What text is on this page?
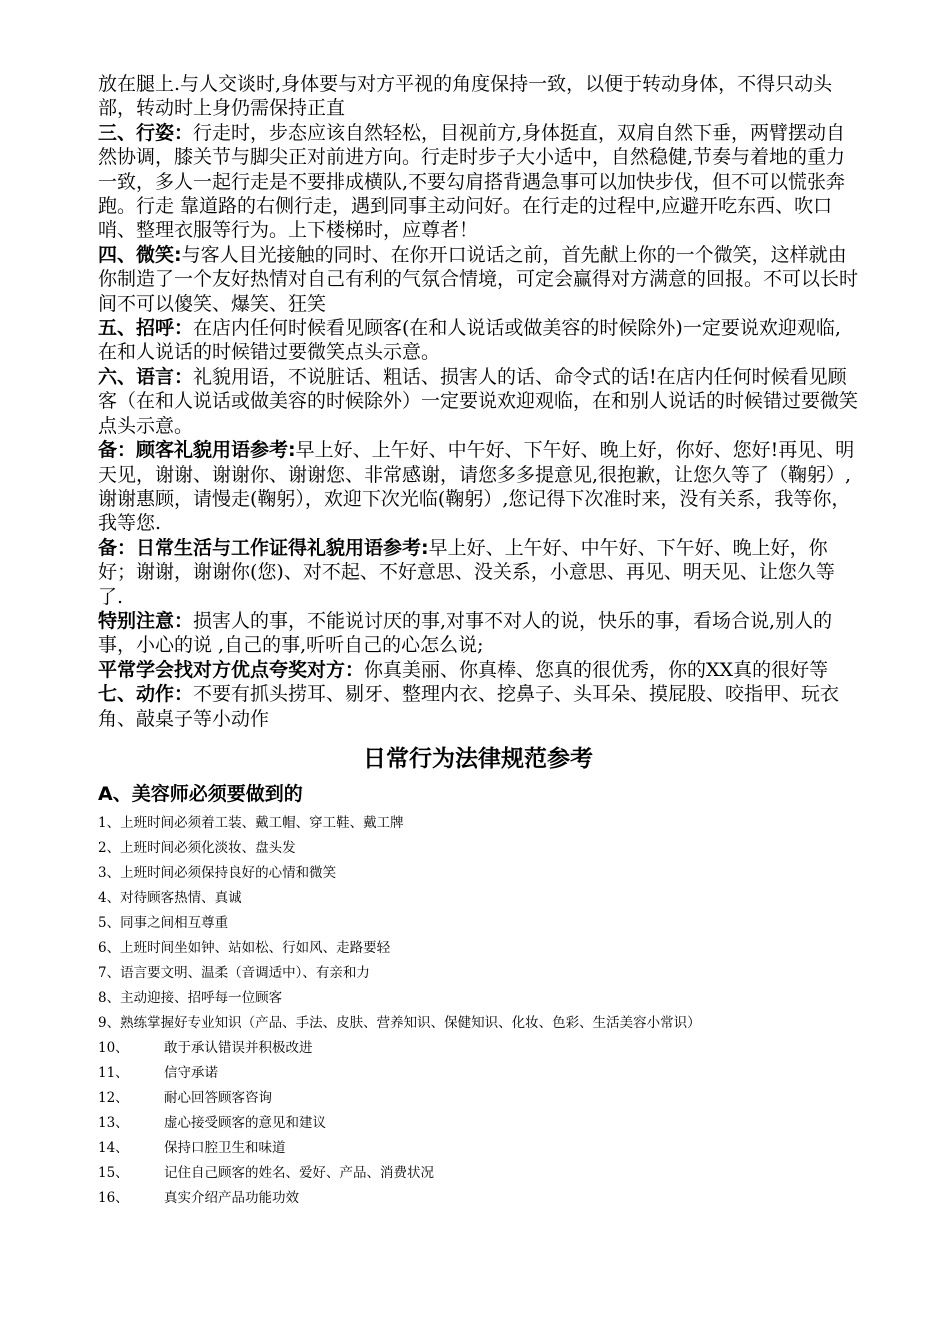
放在腿上.与人交谈时,身体要与对方平视的角度保持一致，以便于转动身体，不得只动头部，转动时上身仍需保持正直

三、行姿：行走时，步态应该自然轻松，目视前方,身体挺直，双肩自然下垂，两臂摆动自然协调，膝关节与脚尖正对前进方向。行走时步子大小适中，自然稳健,节奏与着地的重力一致，多人一起行走是不要排成横队,不要勾肩搭背遇急事可以加快步伐，但不可以慌张奔跑。行走 靠道路的右侧行走，遇到同事主动问好。在行走的过程中,应避开吃东西、吹口哨、整理衣服等行为。上下楼梯时，应尊者！

四、微笑:与客人目光接触的同时、在你开口说话之前，首先献上你的一个微笑，这样就由你制造了一个友好热情对自己有利的气氛合情境，可定会赢得对方满意的回报。不可以长时间不可以傻笑、爆笑、狂笑

五、招呼：在店内任何时候看见顾客(在和人说话或做美容的时候除外)一定要说欢迎观临,在和人说话的时候错过要微笑点头示意。

六、语言：礼貌用语，不说脏话、粗话、损害人的话、命令式的话!在店内任何时候看见顾客（在和人说话或做美容的时候除外）一定要说欢迎观临，在和别人说话的时候错过要微笑点头示意。

备：顾客礼貌用语参考:早上好、上午好、中午好、下午好、晚上好，你好、您好!再见、明天见，谢谢、谢谢你、谢谢您、非常感谢，请您多多提意见,很抱歉，让您久等了（鞠躬）,谢谢惠顾，请慢走(鞠躬），欢迎下次光临(鞠躬）,您记得下次准时来，没有关系，我等你，我等您.

备：日常生活与工作证得礼貌用语参考:早上好、上午好、中午好、下午好、晚上好，你好；谢谢，谢谢你(您)、对不起、不好意思、没关系，小意思、再见、明天见、让您久等了.

特别注意：损害人的事，不能说讨厌的事,对事不对人的说，快乐的事，看场合说,别人的事，小心的说 ,自己的事,听听自己的心怎么说;

平常学会找对方优点夸奖对方：你真美丽、你真棒、您真的很优秀，你的XX真的很好等

七、动作：不要有抓头捞耳、剔牙、整理内衣、挖鼻子、头耳朵、摸屁股、咬指甲、玩衣角、敲桌子等小动作

日常行为法律规范参考
A、美容师必须要做到的
1、上班时间必须着工装、戴工帽、穿工鞋、戴工牌
2、上班时间必须化淡妆、盘头发
3、上班时间必须保持良好的心情和微笑
4、对待顾客热情、真诚
5、同事之间相互尊重
6、上班时间坐如钟、站如松、行如风、走路要轻
7、语言要文明、温柔（音调适中）、有亲和力
8、主动迎接、招呼每一位顾客
9、熟练掌握好专业知识（产品、手法、皮肤、营养知识、保健知识、化妆、色彩、生活美容小常识）
10、	敢于承认错误并积极改进
11、	信守承诺
12、	耐心回答顾客咨询
13、	虚心接受顾客的意见和建议
14、	保持口腔卫生和味道
15、	记住自己顾客的姓名、爱好、产品、消费状况
16、	真实介绍产品功能功效
